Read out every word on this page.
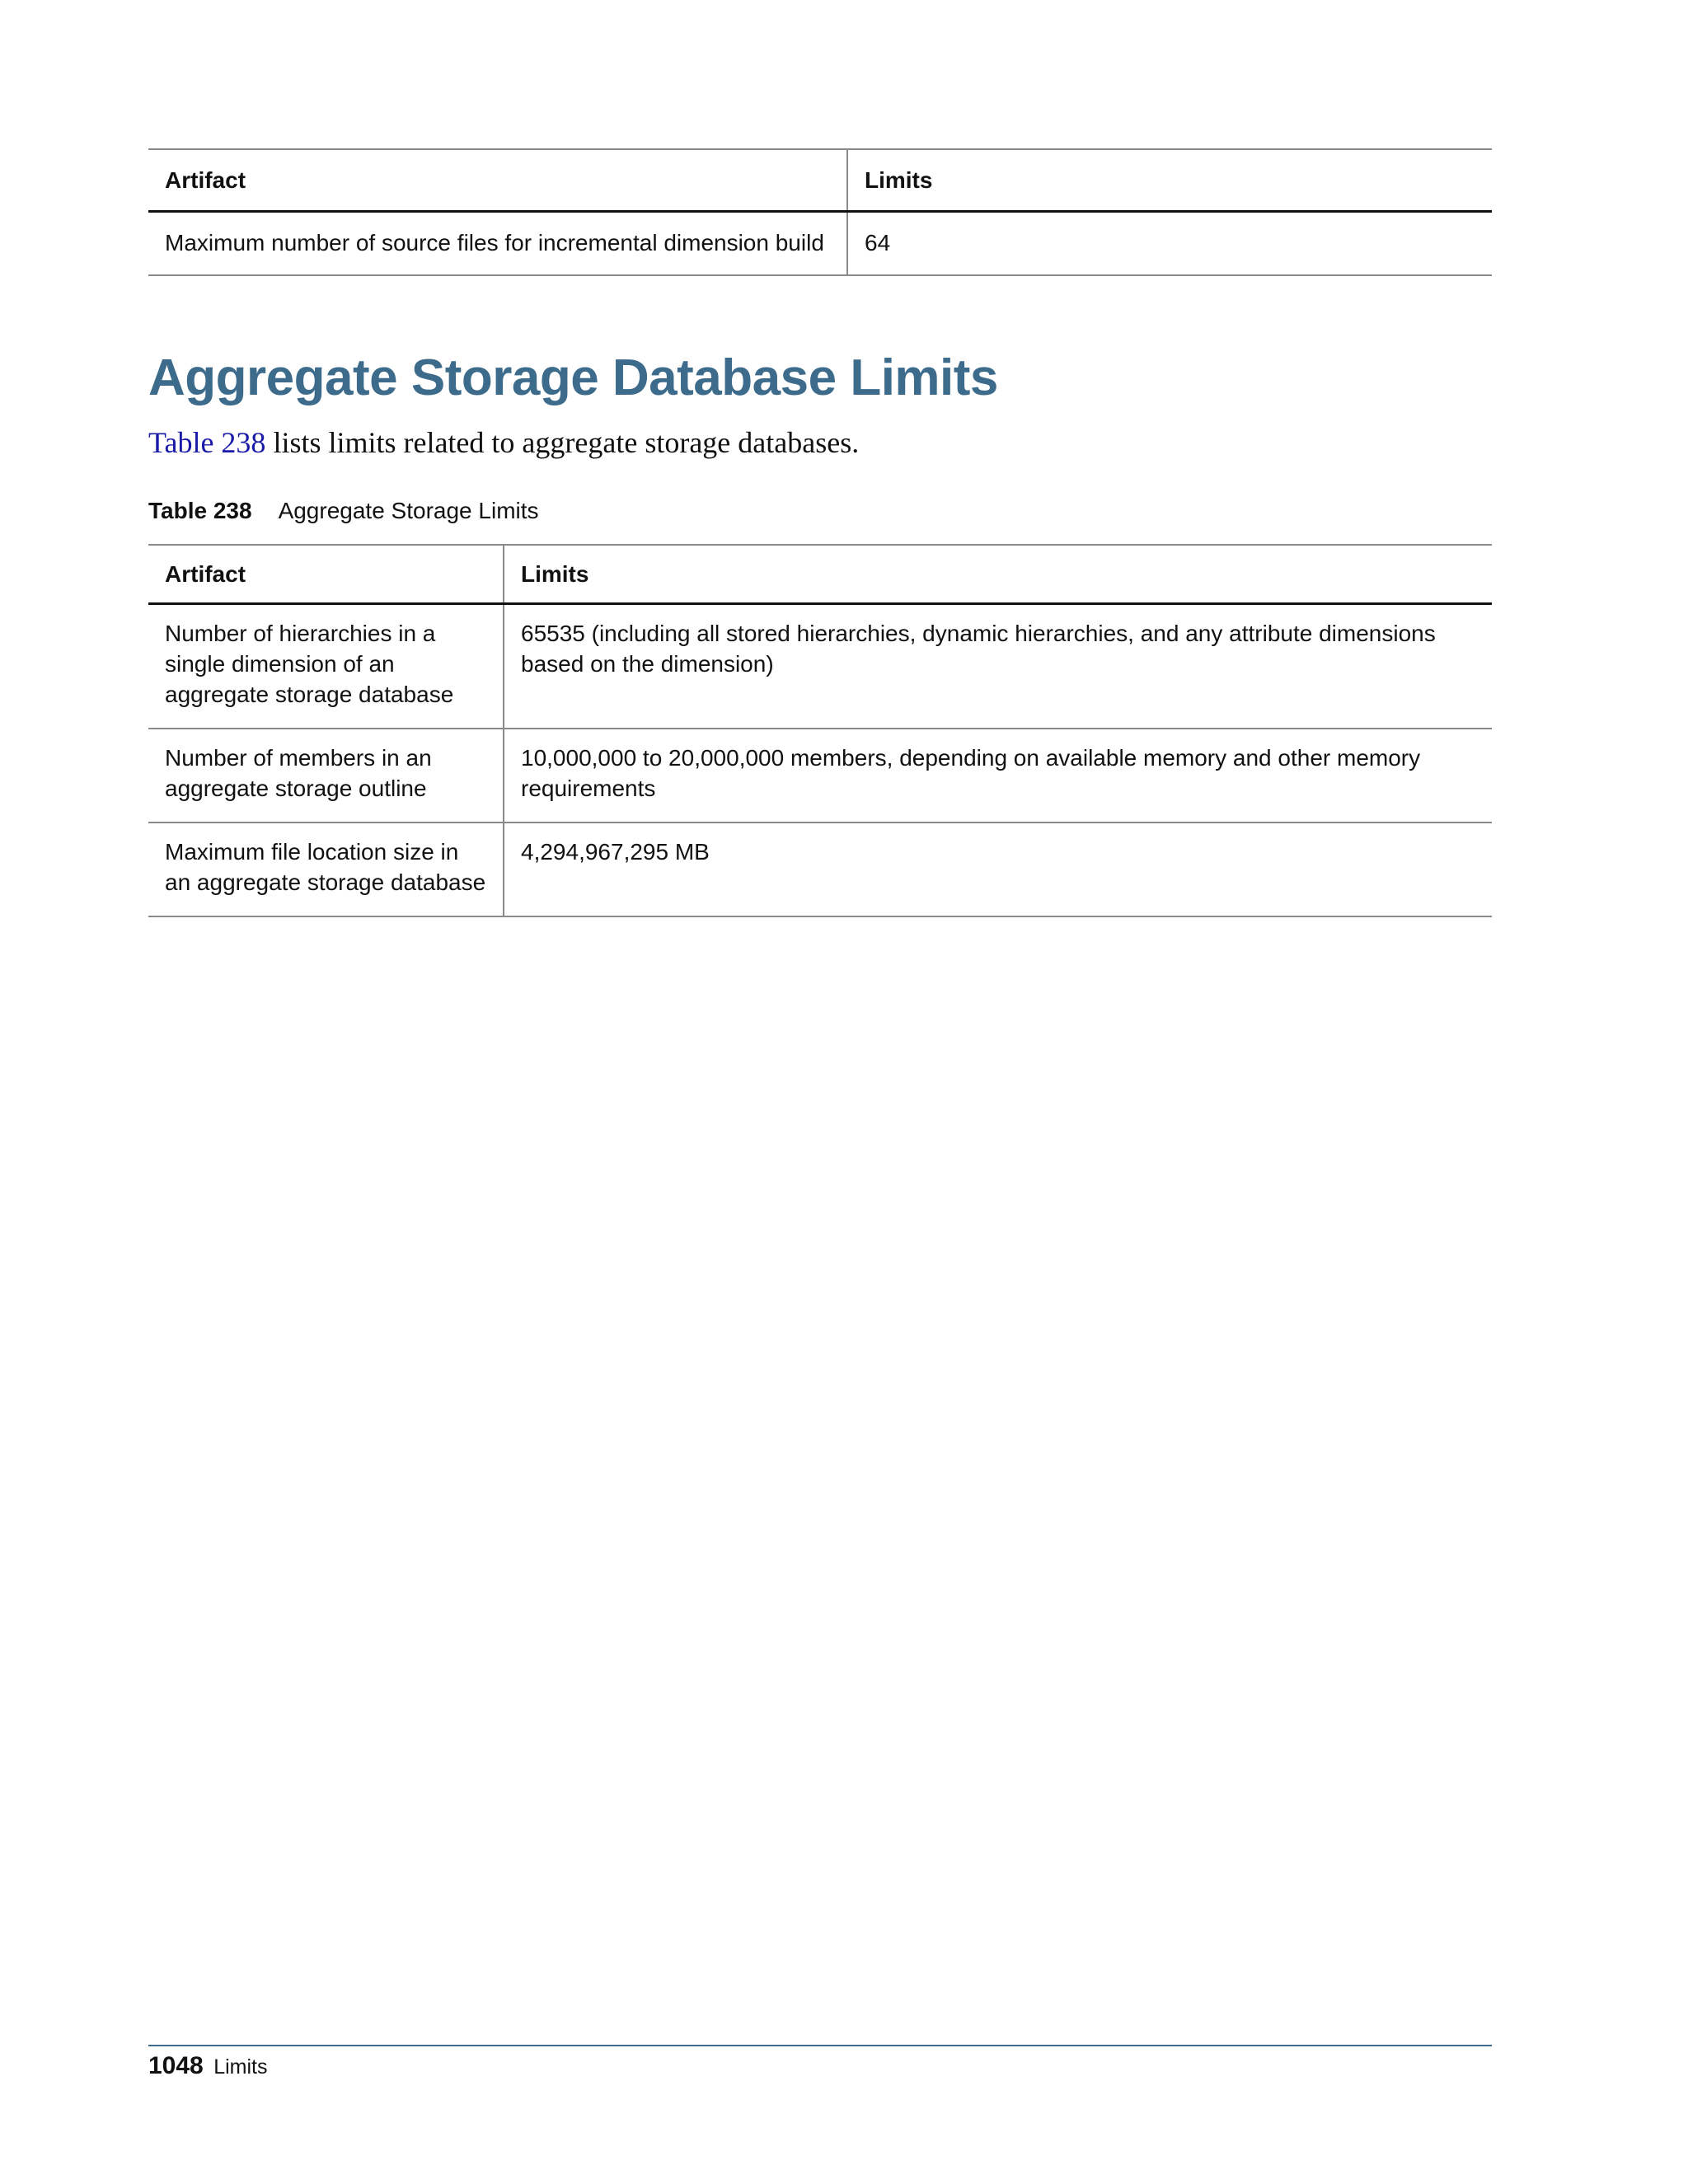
Artifact	Limits
Maximum number of source files for incremental dimension build	64
Aggregate Storage Database Limits

Table 238 lists limits related to aggregate storage databases.

Table 238 Aggregate Storage Limits

Artifact	Limits
Number of hierarchies in a single dimension of an aggregate storage database	65535 (including all stored hierarchies, dynamic hierarchies, and any attribute dimensions based on the dimension)
Number of members in an aggregate storage outline	10,000,000 to 20,000,000 members, depending on available memory and other memory requirements
Maximum file location size in an aggregate storage database	4,294,967,295 MB
1048 Limits
